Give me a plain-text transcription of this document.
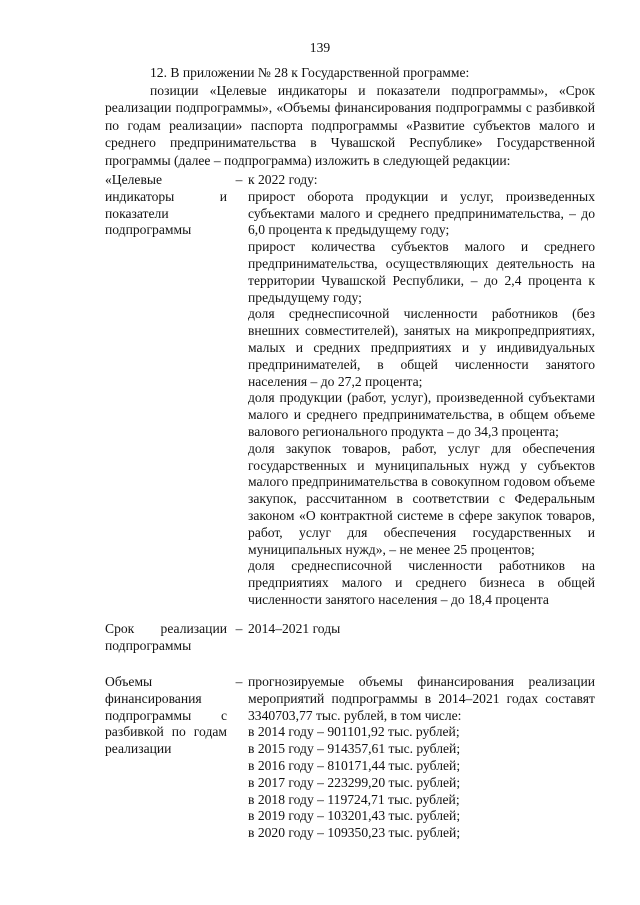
139

12. В приложении № 28 к Государственной программе:

позиции «Целевые индикаторы и показатели подпрограммы», «Срок реализации подпрограммы», «Объемы финансирования подпрограммы с разбивкой по годам реализации» паспорта подпрограммы «Развитие субъектов малого и среднего предпринимательства в Чувашской Республике» Государственной программы (далее – подпрограмма) изложить в следующей редакции:

«Целевые индикаторы и показатели подпрограммы
– к 2022 году:

прирост оборота продукции и услуг, произведенных субъектами малого и среднего предпринимательства, – до 6,0 процента к предыдущему году;

прирост количества субъектов малого и среднего предпринимательства, осуществляющих деятельность на территории Чувашской Республики, – до 2,4 процента к предыдущему году;

доля среднесписочной численности работников (без внешних совместителей), занятых на микропредприятиях, малых и средних предприятиях и у индивидуальных предпринимателей, в общей численности занятого населения – до 27,2 процента;

доля продукции (работ, услуг), произведенной субъектами малого и среднего предпринимательства, в общем объеме валового регионального продукта – до 34,3 процента;

доля закупок товаров, работ, услуг для обеспечения государственных и муниципальных нужд у субъектов малого предпринимательства в совокупном годовом объеме закупок, рассчитанном в соответствии с Федеральным законом «О контрактной системе в сфере закупок товаров, работ, услуг для обеспечения государственных и муниципальных нужд», – не менее 25 процентов;

доля среднесписочной численности работников на предприятиях малого и среднего бизнеса в общей численности занятого населения – до 18,4 процента

Срок реализации подпрограммы
– 2014–2021 годы

Объемы финансирования подпрограммы с разбивкой по годам реализации
– прогнозируемые объемы финансирования реализации мероприятий подпрограммы в 2014–2021 годах составят 3340703,77 тыс. рублей, в том числе:

в 2014 году – 901101,92 тыс. рублей;

в 2015 году – 914357,61 тыс. рублей;

в 2016 году – 810171,44 тыс. рублей;

в 2017 году – 223299,20 тыс. рублей;

в 2018 году – 119724,71 тыс. рублей;

в 2019 году – 103201,43 тыс. рублей;

в 2020 году – 109350,23 тыс. рублей;
